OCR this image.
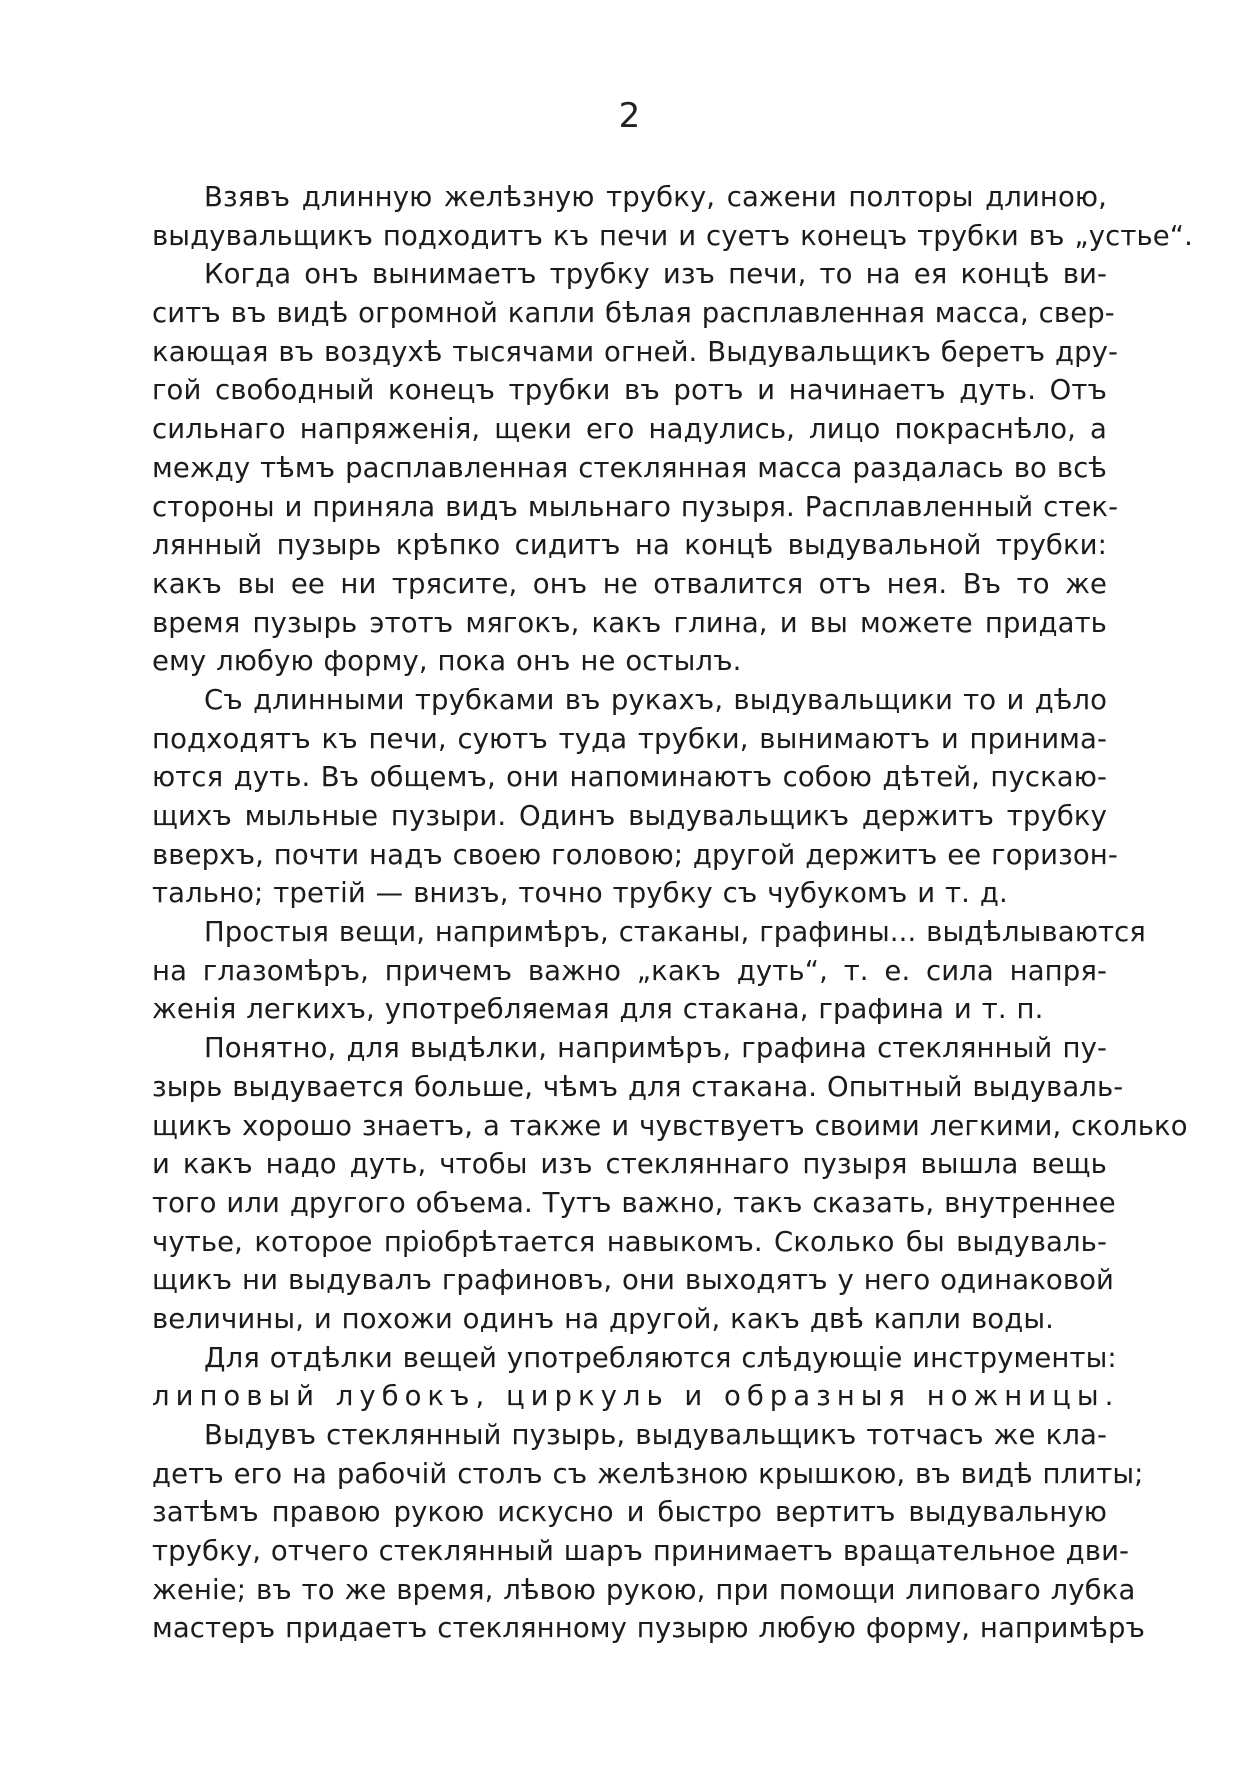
2
Взявъ длинную желѣзную трубку, сажени полторы длиною,
выдувальщикъ подходитъ къ печи и суетъ конецъ трубки въ „устье“.
Когда онъ вынимаетъ трубку изъ печи, то на ея концѣ ви-
ситъ въ видѣ огромной капли бѣлая расплавленная масса, свер-
кающая въ воздухѣ тысячами огней. Выдувальщикъ беретъ дру-
гой свободный конецъ трубки въ ротъ и начинаетъ дуть. Отъ
сильнаго напряженія, щеки его надулись, лицо покраснѣло, а
между тѣмъ расплавленная стеклянная масса раздалась во всѣ
стороны и приняла видъ мыльнаго пузыря. Расплавленный стек-
лянный пузырь крѣпко сидитъ на концѣ выдувальной трубки:
какъ вы ее ни трясите, онъ не отвалится отъ нея. Въ то же
время пузырь этотъ мягокъ, какъ глина, и вы можете придать
ему любую форму, пока онъ не остылъ.
Съ длинными трубками въ рукахъ, выдувальщики то и дѣло
подходятъ къ печи, суютъ туда трубки, вынимаютъ и принима-
ются дуть. Въ общемъ, они напоминаютъ собою дѣтей, пускаю-
щихъ мыльные пузыри. Одинъ выдувальщикъ держитъ трубку
вверхъ, почти надъ своею головою; другой держитъ ее горизон-
тально; третій — внизъ, точно трубку съ чубукомъ и т. д.
Простыя вещи, напримѣръ, стаканы, графины... выдѣлываются
на глазомѣръ, причемъ важно „какъ дуть“, т. е. сила напря-
женія легкихъ, употребляемая для стакана, графина и т. п.
Понятно, для выдѣлки, напримѣръ, графина стеклянный пу-
зырь выдувается больше, чѣмъ для стакана. Опытный выдуваль-
щикъ хорошо знаетъ, а также и чувствуетъ своими легкими, сколько
и какъ надо дуть, чтобы изъ стекляннаго пузыря вышла вещь
того или другого объема. Тутъ важно, такъ сказать, внутреннее
чутье, которое пріобрѣтается навыкомъ. Сколько бы выдуваль-
щикъ ни выдувалъ графиновъ, они выходятъ у него одинаковой
величины, и похожи одинъ на другой, какъ двѣ капли воды.
Для отдѣлки вещей употребляются слѣдующіе инструменты:
липовый лубокъ, циркуль и образныя ножницы.
Выдувъ стеклянный пузырь, выдувальщикъ тотчасъ же кла-
детъ его на рабочій столъ съ желѣзною крышкою, въ видѣ плиты;
затѣмъ правою рукою искусно и быстро вертитъ выдувальную
трубку, отчего стеклянный шаръ принимаетъ вращательное дви-
женіе; въ то же время, лѣвою рукою, при помощи липоваго лубка
мастеръ придаетъ стеклянному пузырю любую форму, напримѣръ
